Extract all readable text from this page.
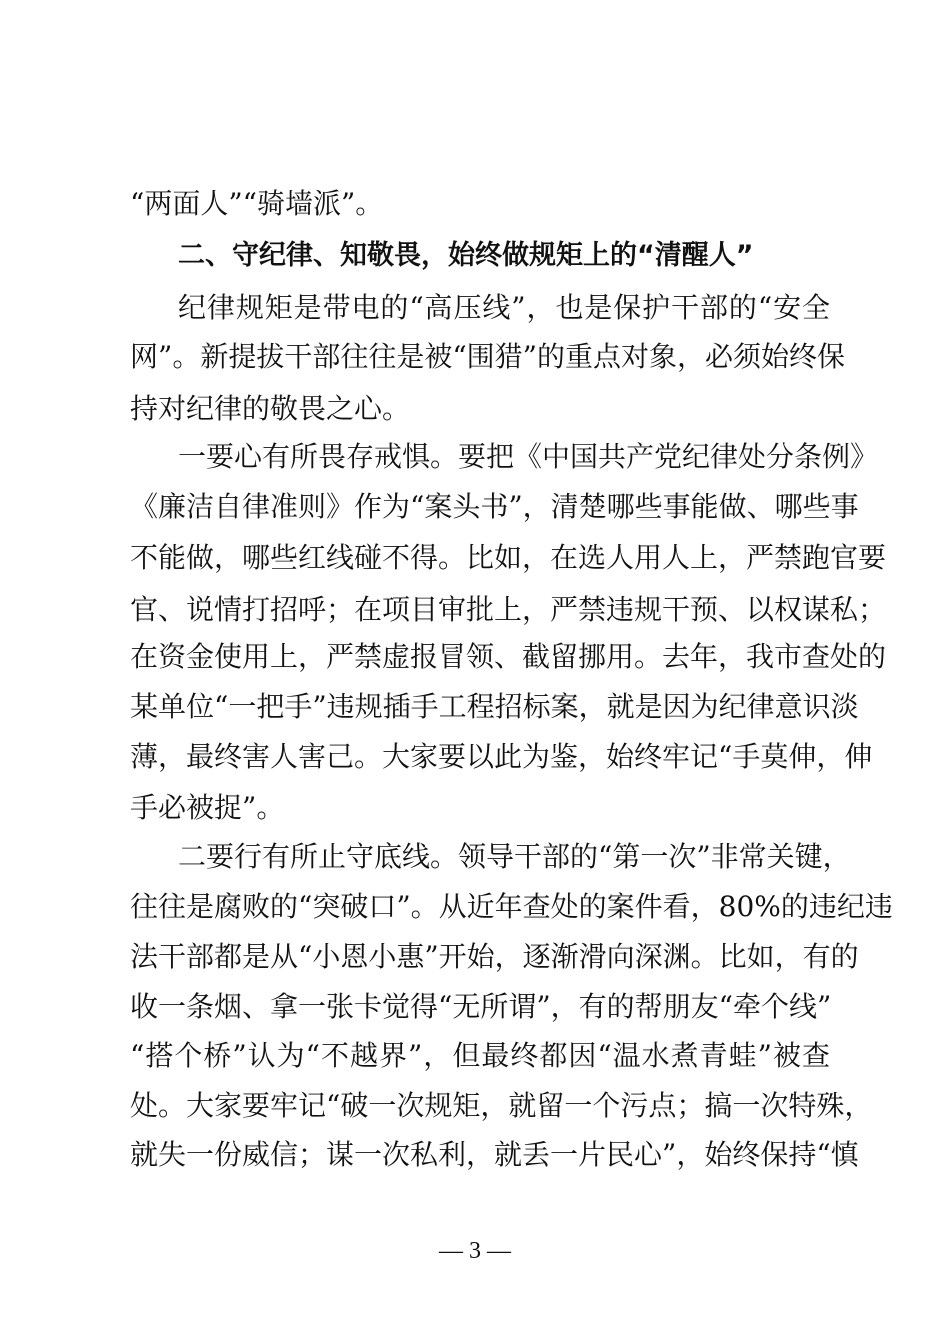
“两面人”“骑墙派”。
二、守纪律、知敬畏，始终做规矩上的“清醒人”
纪律规矩是带电的“高压线”，也是保护干部的“安全
网”。新提拔干部往往是被“围猎”的重点对象，必须始终保
持对纪律的敬畏之心。
一要心有所畏存戒惧。要把《中国共产党纪律处分条例》
《廉洁自律准则》作为“案头书”，清楚哪些事能做、哪些事
不能做，哪些红线碰不得。比如，在选人用人上，严禁跑官要
官、说情打招呼；在项目审批上，严禁违规干预、以权谋私；
在资金使用上，严禁虚报冒领、截留挪用。去年，我市查处的
某单位“一把手”违规插手工程招标案，就是因为纪律意识淡
薄，最终害人害己。大家要以此为鉴，始终牢记“手莫伸，伸
手必被捉”。
二要行有所止守底线。领导干部的“第一次”非常关键，
往往是腐败的“突破口”。从近年查处的案件看，80%的违纪违
法干部都是从“小恩小惠”开始，逐渐滑向深渊。比如，有的
收一条烟、拿一张卡觉得“无所谓”，有的帮朋友“牵个线”
“搭个桥”认为“不越界”，但最终都因“温水煮青蛙”被查
处。大家要牢记“破一次规矩，就留一个污点；搞一次特殊，
就失一份威信；谋一次私利，就丢一片民心”，始终保持“慎
— 3 —
